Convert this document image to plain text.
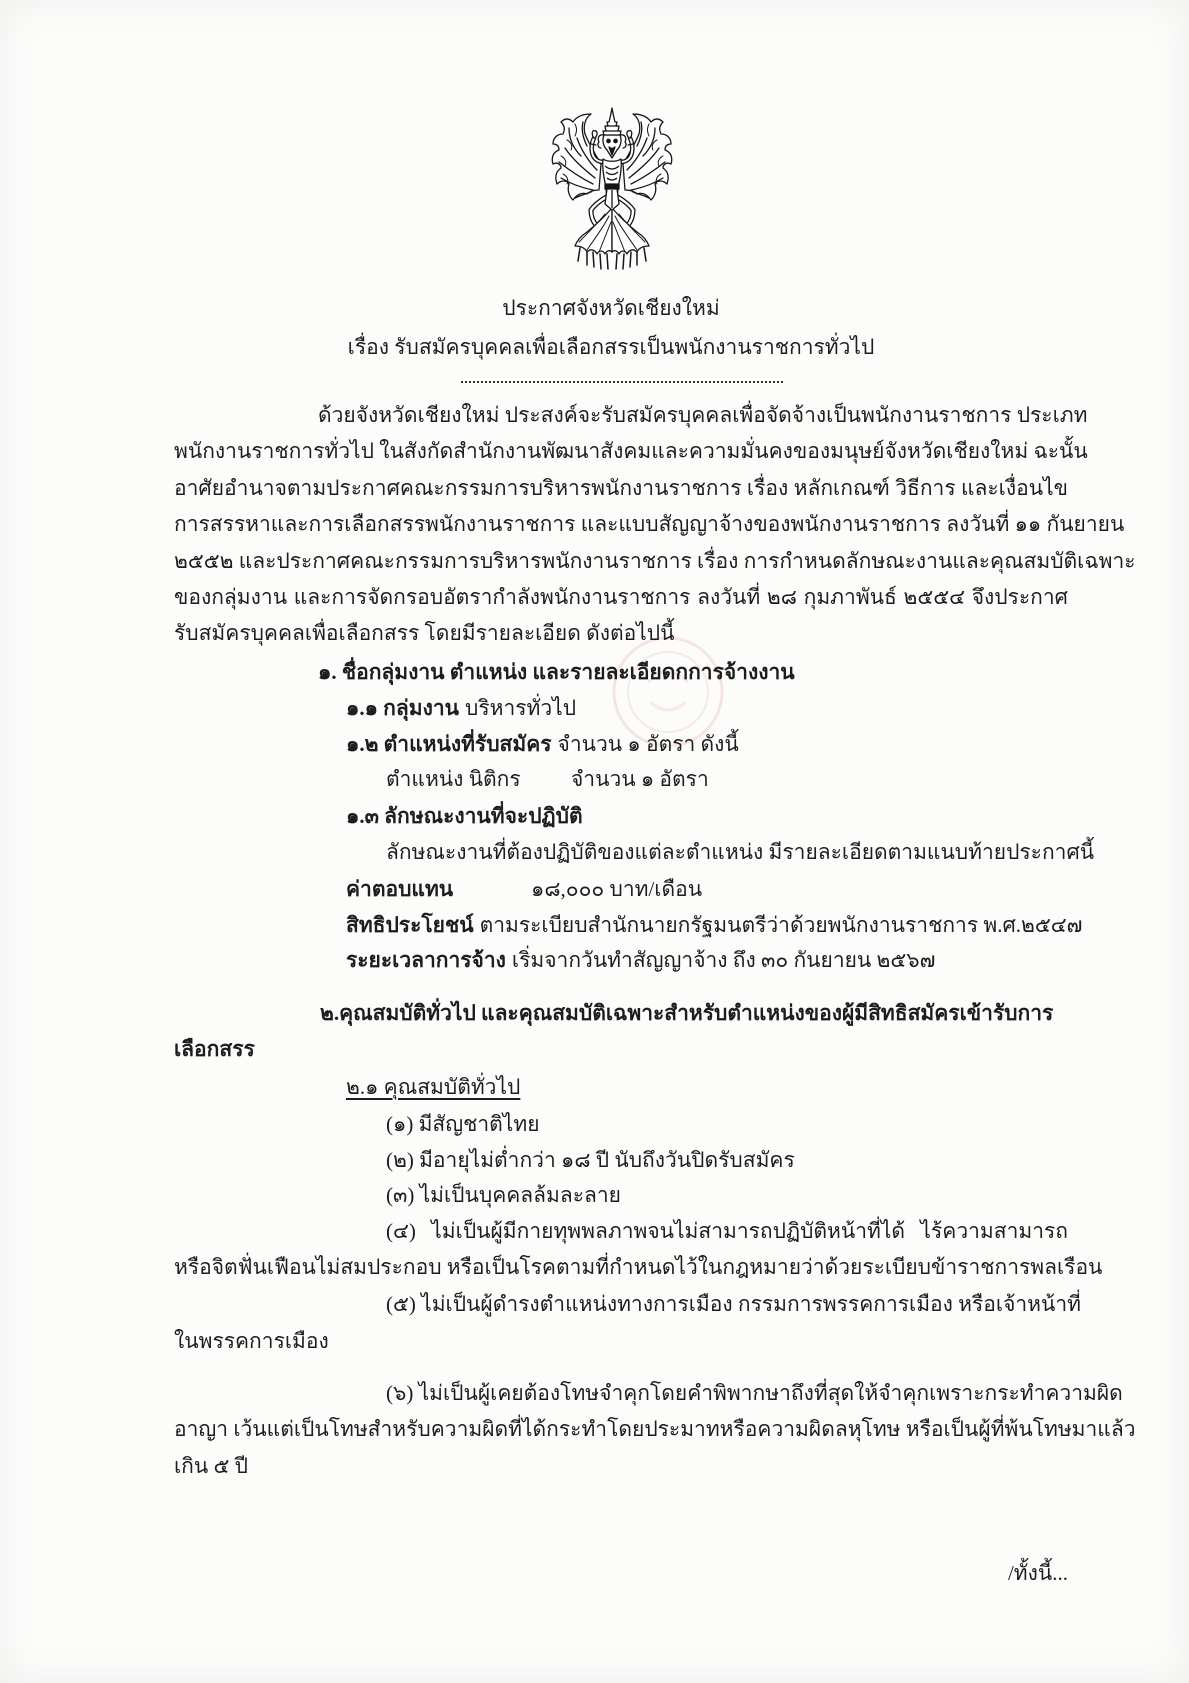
ประกาศจังหวัดเชียงใหม่
เรื่อง รับสมัครบุคคลเพื่อเลือกสรรเป็นพนักงานราชการทั่วไป
ด้วยจังหวัดเชียงใหม่ ประสงค์จะรับสมัครบุคคลเพื่อจัดจ้างเป็นพนักงานราชการ ประเภท
พนักงานราชการทั่วไป ในสังกัดสำนักงานพัฒนาสังคมและความมั่นคงของมนุษย์จังหวัดเชียงใหม่ ฉะนั้น
อาศัยอำนาจตามประกาศคณะกรรมการบริหารพนักงานราชการ เรื่อง หลักเกณฑ์ วิธีการ และเงื่อนไข
การสรรหาและการเลือกสรรพนักงานราชการ และแบบสัญญาจ้างของพนักงานราชการ ลงวันที่ ๑๑ กันยายน
๒๕๕๒ และประกาศคณะกรรมการบริหารพนักงานราชการ เรื่อง การกำหนดลักษณะงานและคุณสมบัติเฉพาะ
ของกลุ่มงาน และการจัดกรอบอัตรากำลังพนักงานราชการ ลงวันที่ ๒๘ กุมภาพันธ์ ๒๕๕๔ จึงประกาศ
รับสมัครบุคคลเพื่อเลือกสรร โดยมีรายละเอียด ดังต่อไปนี้
๑. ชื่อกลุ่มงาน ตำแหน่ง และรายละเอียดกการจ้างงาน
๑.๑ กลุ่มงาน บริหารทั่วไป
๑.๒ ตำแหน่งที่รับสมัคร จำนวน ๑ อัตรา ดังนี้
ตำแหน่ง นิติกร จำนวน ๑ อัตรา
๑.๓ ลักษณะงานที่จะปฏิบัติ
ลักษณะงานที่ต้องปฏิบัติของแต่ละตำแหน่ง มีรายละเอียดตามแนบท้ายประกาศนี้
ค่าตอบแทน	๑๘,๐๐๐ บาท/เดือน
สิทธิประโยชน์ ตามระเบียบสำนักนายกรัฐมนตรีว่าด้วยพนักงานราชการ พ.ศ.๒๕๔๗
ระยะเวลาการจ้าง เริ่มจากวันทำสัญญาจ้าง ถึง ๓๐ กันยายน ๒๕๖๗
๒.คุณสมบัติทั่วไป และคุณสมบัติเฉพาะสำหรับตำแหน่งของผู้มีสิทธิสมัครเข้ารับการ
เลือกสรร
๒.๑ คุณสมบัติทั่วไป
(๑) มีสัญชาติไทย
(๒) มีอายุไม่ต่ำกว่า ๑๘ ปี นับถึงวันปิดรับสมัคร
(๓) ไม่เป็นบุคคลล้มละลาย
(๔) ไม่เป็นผู้มีกายทุพพลภาพจนไม่สามารถปฏิบัติหน้าที่ได้ ไร้ความสามารถ
หรือจิตฟั่นเฟือนไม่สมประกอบ หรือเป็นโรคตามที่กำหนดไว้ในกฎหมายว่าด้วยระเบียบข้าราชการพลเรือน
(๕) ไม่เป็นผู้ดำรงตำแหน่งทางการเมือง กรรมการพรรคการเมือง หรือเจ้าหน้าที่
ในพรรคการเมือง
(๖) ไม่เป็นผู้เคยต้องโทษจำคุกโดยคำพิพากษาถึงที่สุดให้จำคุกเพราะกระทำความผิด
อาญา เว้นแต่เป็นโทษสำหรับความผิดที่ได้กระทำโดยประมาทหรือความผิดลหุโทษ หรือเป็นผู้ที่พ้นโทษมาแล้ว
เกิน ๕ ปี
/ทั้งนี้...
